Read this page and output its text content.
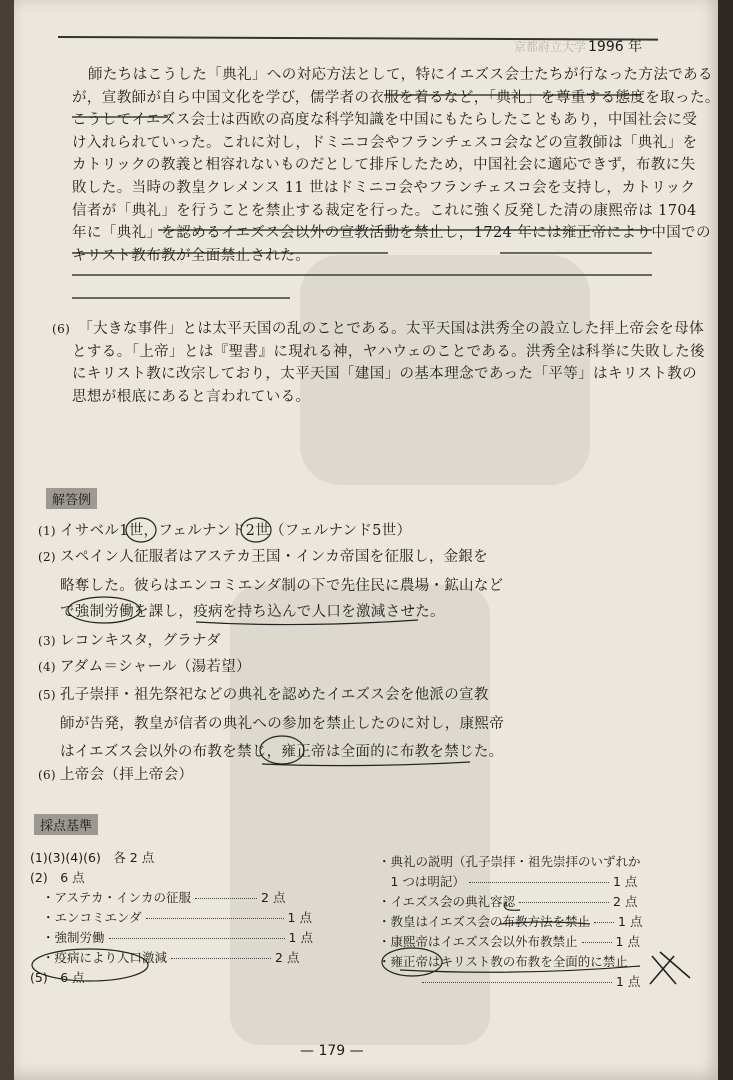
京都府立大学 1996 年
師たちはこうした「典礼」への対応方法として，特にイエズス会士たちが行なった方法である
が，宣教師が自ら中国文化を学び，儒学者の衣服を着るなど，「典礼」を尊重する態度を取った。
こうしてイエズス会士は西欧の高度な科学知識を中国にもたらしたこともあり，中国社会に受
け入れられていった。これに対し，ドミニコ会やフランチェスコ会などの宣教師は「典礼」を
カトリックの教義と相容れないものだとして排斥したため，中国社会に適応できず，布教に失
敗した。当時の教皇クレメンス 11 世はドミニコ会やフランチェスコ会を支持し，カトリック
信者が「典礼」を行うことを禁止する裁定を行った。これに強く反発した清の康熙帝は 1704
年に「典礼」を認めるイエズス会以外の宣教活動を禁止し，1724 年には雍正帝により中国での
キリスト教布教が全面禁止された。
(6) 「大きな事件」とは太平天国の乱のことである。太平天国は洪秀全の設立した拝上帝会を母体
とする。「上帝」とは『聖書』に現れる神，ヤハウェのことである。洪秀全は科挙に失敗した後
にキリスト教に改宗しており，太平天国「建国」の基本理念であった「平等」はキリスト教の
思想が根底にあると言われている。
解答例
(1) イサベル1世，フェルナンド2世（フェルナンド5世）
(2) スペイン人征服者はアステカ王国・インカ帝国を征服し，金銀を
略奪した。彼らはエンコミエンダ制の下で先住民に農場・鉱山など
で強制労働を課し，疫病を持ち込んで人口を激減させた。
(3) レコンキスタ，グラナダ
(4) アダム＝シャール（湯若望）
(5) 孔子崇拝・祖先祭祀などの典礼を認めたイエズス会を他派の宣教
師が告発，教皇が信者の典礼への参加を禁止したのに対し，康熙帝
はイエズス会以外の布教を禁じ，雍正帝は全面的に布教を禁じた。
(6) 上帝会（拝上帝会）
採点基準
(1)(3)(4)(6)　各 2 点
(2)　6 点
・アステカ・インカの征服	2 点
・エンコミエンダ	1 点
・強制労働	1 点
・疫病により人口激減	2 点
(5)　6 点
・典礼の説明（孔子崇拝・祖先崇拝のいずれか
　1 つは明記）	1 点
・イエズス会の典礼容認	2 点
・教皇はイエズス会の布教方法を禁止 1 点
・康熙帝はイエズス会以外布教禁止	1 点
・雍正帝はキリスト教の布教を全面的に禁止
1 点
— 179 —
